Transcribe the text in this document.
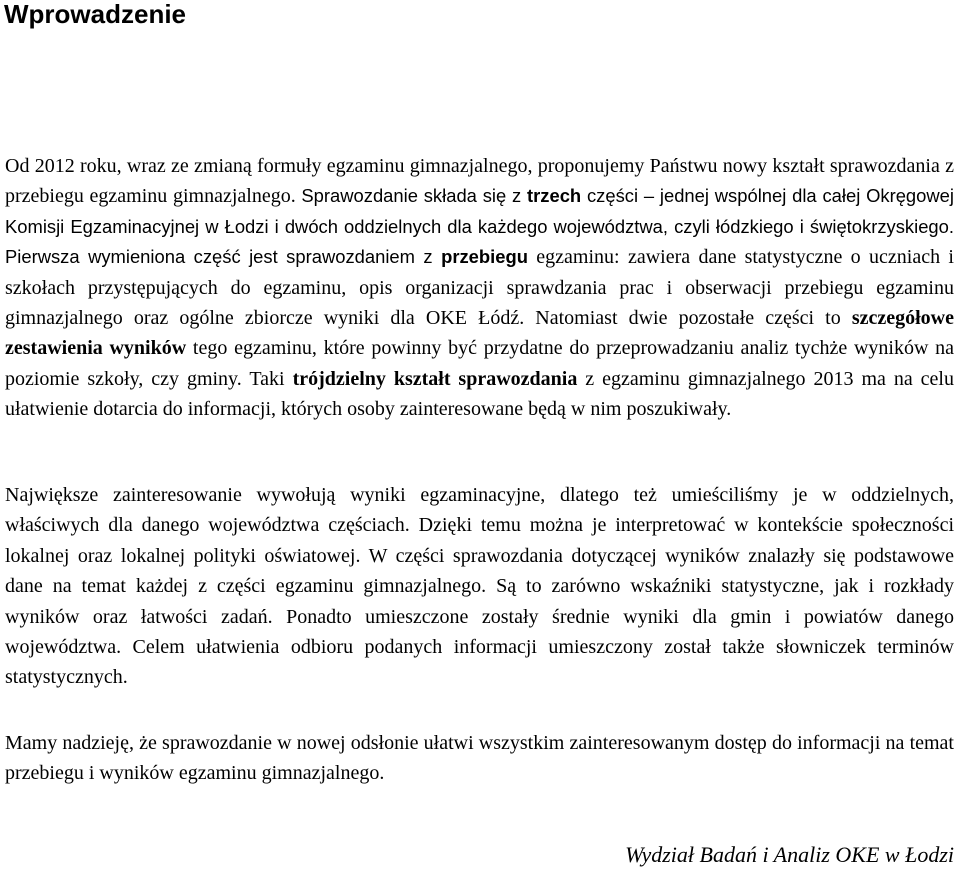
Wprowadzenie

Od 2012 roku, wraz ze zmianą formuły egzaminu gimnazjalnego, proponujemy Państwu nowy kształt sprawozdania z przebiegu egzaminu gimnazjalnego. Sprawozdanie składa się z trzech części – jednej wspólnej dla całej Okręgowej Komisji Egzaminacyjnej w Łodzi i dwóch oddzielnych dla każdego województwa, czyli łódzkiego i świętokrzyskiego. Pierwsza wymieniona część jest sprawozdaniem z przebiegu egzaminu: zawiera dane statystyczne o uczniach i szkołach przystępujących do egzaminu, opis organizacji sprawdzania prac i obserwacji przebiegu egzaminu gimnazjalnego oraz ogólne zbiorcze wyniki dla OKE Łódź. Natomiast dwie pozostałe części to szczegółowe zestawienia wyników tego egzaminu, które powinny być przydatne do przeprowadzaniu analiz tychże wyników na poziomie szkoły, czy gminy. Taki trójdzielny kształt sprawozdania z egzaminu gimnazjalnego 2013 ma na celu ułatwienie dotarcia do informacji, których osoby zainteresowane będą w nim poszukiwały.

Największe zainteresowanie wywołują wyniki egzaminacyjne, dlatego też umieściliśmy je w oddzielnych, właściwych dla danego województwa częściach. Dzięki temu można je interpretować w kontekście społeczności lokalnej oraz lokalnej polityki oświatowej. W części sprawozdania dotyczącej wyników znalazły się podstawowe dane na temat każdej z części egzaminu gimnazjalnego. Są to zarówno wskaźniki statystyczne, jak i rozkłady wyników oraz łatwości zadań. Ponadto umieszczone zostały średnie wyniki dla gmin i powiatów danego województwa. Celem ułatwienia odbioru podanych informacji umieszczony został także słowniczek terminów statystycznych.

Mamy nadzieję, że sprawozdanie w nowej odsłonie ułatwi wszystkim zainteresowanym dostęp do informacji na temat przebiegu i wyników egzaminu gimnazjalnego.

Wydział Badań i Analiz OKE w Łodzi
